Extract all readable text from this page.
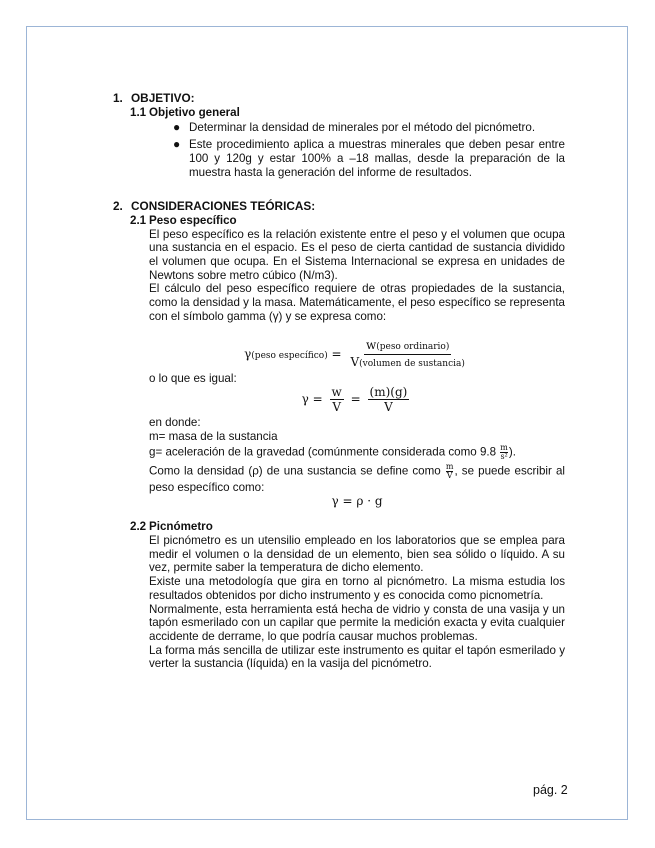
1. OBJETIVO:
1.1 Objetivo general
● Determinar la densidad de minerales por el método del picnómetro.
● Este procedimiento aplica a muestras minerales que deben pesar entre 100 y 120g y estar 100% a –18 mallas, desde la preparación de la muestra hasta la generación del informe de resultados.
2. CONSIDERACIONES TEÓRICAS:
2.1 Peso específico
El peso específico es la relación existente entre el peso y el volumen que ocupa una sustancia en el espacio. Es el peso de cierta cantidad de sustancia dividido el volumen que ocupa. En el Sistema Internacional se expresa en unidades de Newtons sobre metro cúbico (N/m3).
El cálculo del peso específico requiere de otras propiedades de la sustancia, como la densidad y la masa. Matemáticamente, el peso específico se representa con el símbolo gamma (γ) y se expresa como:
γ(peso específico) = $\frac{\text{w(peso ordinario)}}{\text{V(volumen de sustancia)}}$
o lo que es igual:
$\gamma = \frac{w}{V} = \frac{(m)(g)}{V}$
en donde:
m= masa de la sustancia
g= aceleración de la gravedad (comúnmente considerada como $9.8 \frac{m}{\text{s²}}$ ).
Como la densidad (ρ) de una sustancia se define como $\frac{m}{V}$ , se puede escribir al peso específico como:
γ = ρ · g
2.2 Picnómetro
El picnómetro es un utensilio empleado en los laboratorios que se emplea para medir el volumen o la densidad de un elemento, bien sea sólido o líquido. A su vez, permite saber la temperatura de dicho elemento.
Existe una metodología que gira en torno al picnómetro. La misma estudia los resultados obtenidos por dicho instrumento y es conocida como picnometría.
Normalmente, esta herramienta está hecha de vidrio y consta de una vasija y un tapón esmerilado con un capilar que permite la medición exacta y evita cualquier accidente de derrame, lo que podría causar muchos problemas.
La forma más sencilla de utilizar este instrumento es quitar el tapón esmerilado y verter la sustancia (líquida) en la vasija del picnómetro.
pág. 2
